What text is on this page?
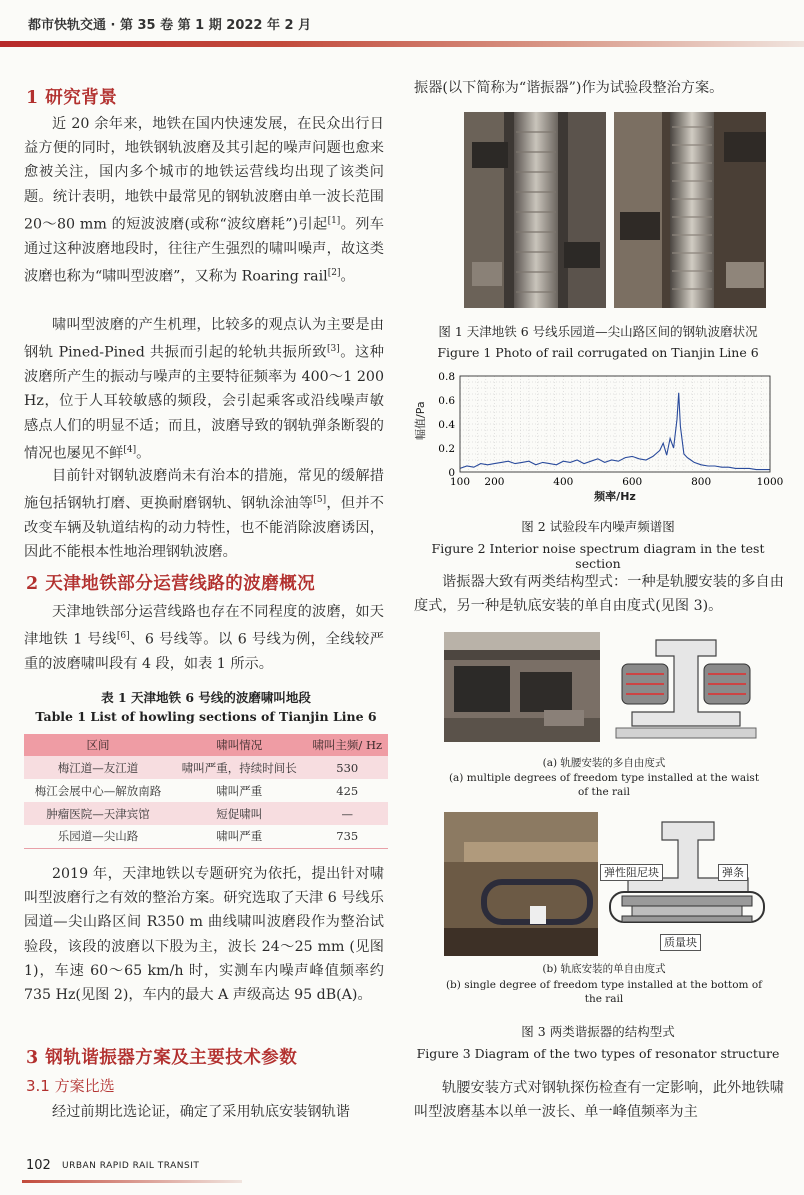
都市快轨交通 · 第 35 卷 第 1 期 2022 年 2 月
1 研究背景
近 20 余年来，地铁在国内快速发展，在民众出行日益方便的同时，地铁钢轨波磨及其引起的噪声问题也愈来愈被关注，国内多个城市的地铁运营线均出现了该类问题。统计表明，地铁中最常见的钢轨波磨由单一波长范围 20～80 mm 的短波波磨(或称“波纹磨耗”)引起[1]。列车通过这种波磨地段时，往往产生强烈的啸叫噪声，故这类波磨也称为“啸叫型波磨”，又称为 Roaring rail[2]。
啸叫型波磨的产生机理，比较多的观点认为主要是由钢轨 Pined-Pined 共振而引起的轮轨共振所致[3]。这种波磨所产生的振动与噪声的主要特征频率为 400～1 200 Hz，位于人耳较敏感的频段，会引起乘客或沿线噪声敏感点人们的明显不适；而且，波磨导致的钢轨弹条断裂的情况也屡见不鲜[4]。
目前针对钢轨波磨尚未有治本的措施，常见的缓解措施包括钢轨打磨、更换耐磨钢轨、钢轨涂油等[5]，但并不改变车辆及轨道结构的动力特性，也不能消除波磨诱因，因此不能根本性地治理钢轨波磨。
2 天津地铁部分运营线路的波磨概况
天津地铁部分运营线路也存在不同程度的波磨，如天津地铁 1 号线[6]、6 号线等。以 6 号线为例，全线较严重的波磨啸叫段有 4 段，如表 1 所示。
表 1 天津地铁 6 号线的波磨啸叫地段
Table 1 List of howling sections of Tianjin Line 6
区间	啸叫情况	啸叫主频/ Hz
梅江道—友江道	啸叫严重，持续时间长	530
梅江会展中心—解放南路	啸叫严重	425
肿瘤医院—天津宾馆	短促啸叫	—
乐园道—尖山路	啸叫严重	735
2019 年，天津地铁以专题研究为依托，提出针对啸叫型波磨行之有效的整治方案。研究选取了天津 6 号线乐园道—尖山路区间 R350 m 曲线啸叫波磨段作为整治试验段，该段的波磨以下股为主，波长 24～25 mm (见图 1)，车速 60～65 km/h 时，实测车内噪声峰值频率约 735 Hz(见图 2)，车内的最大 A 声级高达 95 dB(A)。
3 钢轨谐振器方案及主要技术参数
3.1 方案比选
经过前期比选论证，确定了采用轨底安装钢轨谐
振器(以下简称为“谐振器”)作为试验段整治方案。
图 1 天津地铁 6 号线乐园道—尖山路区间的钢轨波磨状况
Figure 1 Photo of rail corrugated on Tianjin Line 6
幅值/Pa
频率/Hz
100 200	400	600	800	1000
0
0.2
0.4
0.6
0.8
图 2 试验段车内噪声频谱图
Figure 2 Interior noise spectrum diagram in the test section
谐振器大致有两类结构型式：一种是轨腰安装的多自由度式，另一种是轨底安装的单自由度式(见图 3)。
(a) 轨腰安装的多自由度式
(a) multiple degrees of freedom type installed at the waist of the rail
弹性阻尼块	弹条
质量块
(b) 轨底安装的单自由度式
(b) single degree of freedom type installed at the bottom of the rail
图 3 两类谐振器的结构型式
Figure 3 Diagram of the two types of resonator structure
轨腰安装方式对钢轨探伤检查有一定影响，此外地铁啸叫型波磨基本以单一波长、单一峰值频率为主
102 URBAN RAPID RAIL TRANSIT
